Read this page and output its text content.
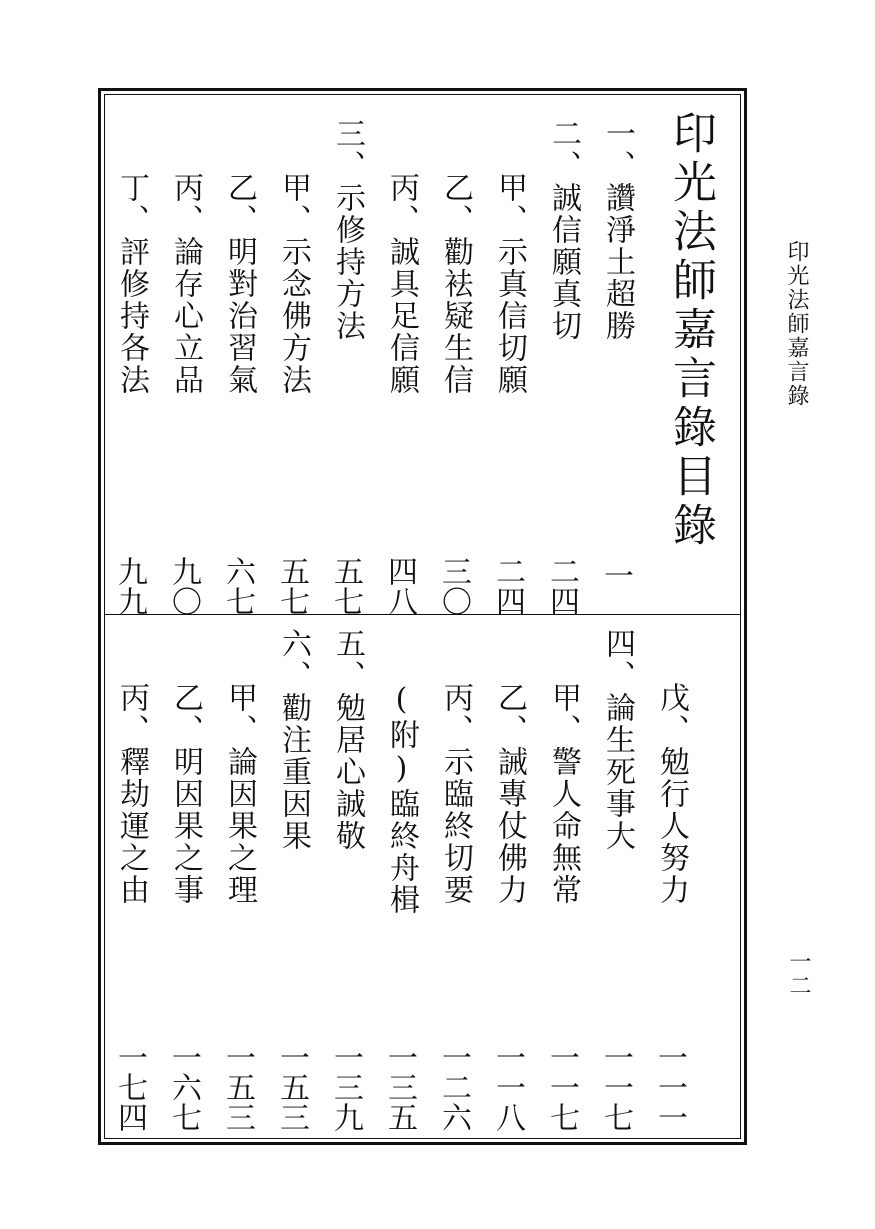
印光法師嘉言錄
一二
印光法師嘉言錄目錄
一、讚淨土超勝
一
二、誠信願真切
二四
甲、示真信切願
二四
乙、勸袪疑生信
三〇
丙、誠具足信願
四八
三、示修持方法
五七
甲、示念佛方法
五七
乙、明對治習氣
六七
丙、論存心立品
九〇
丁、評修持各法
九九
戊、勉行人努力
一一一
四、論生死事大
一一七
甲、警人命無常
一一七
乙、誡專仗佛力
一一八
丙、示臨終切要
一二六
(附)臨終舟楫
一三五
五、勉居心誠敬
一三九
六、勸注重因果
一五三
甲、論因果之理
一五三
乙、明因果之事
一六七
丙、釋劫運之由
一七四
